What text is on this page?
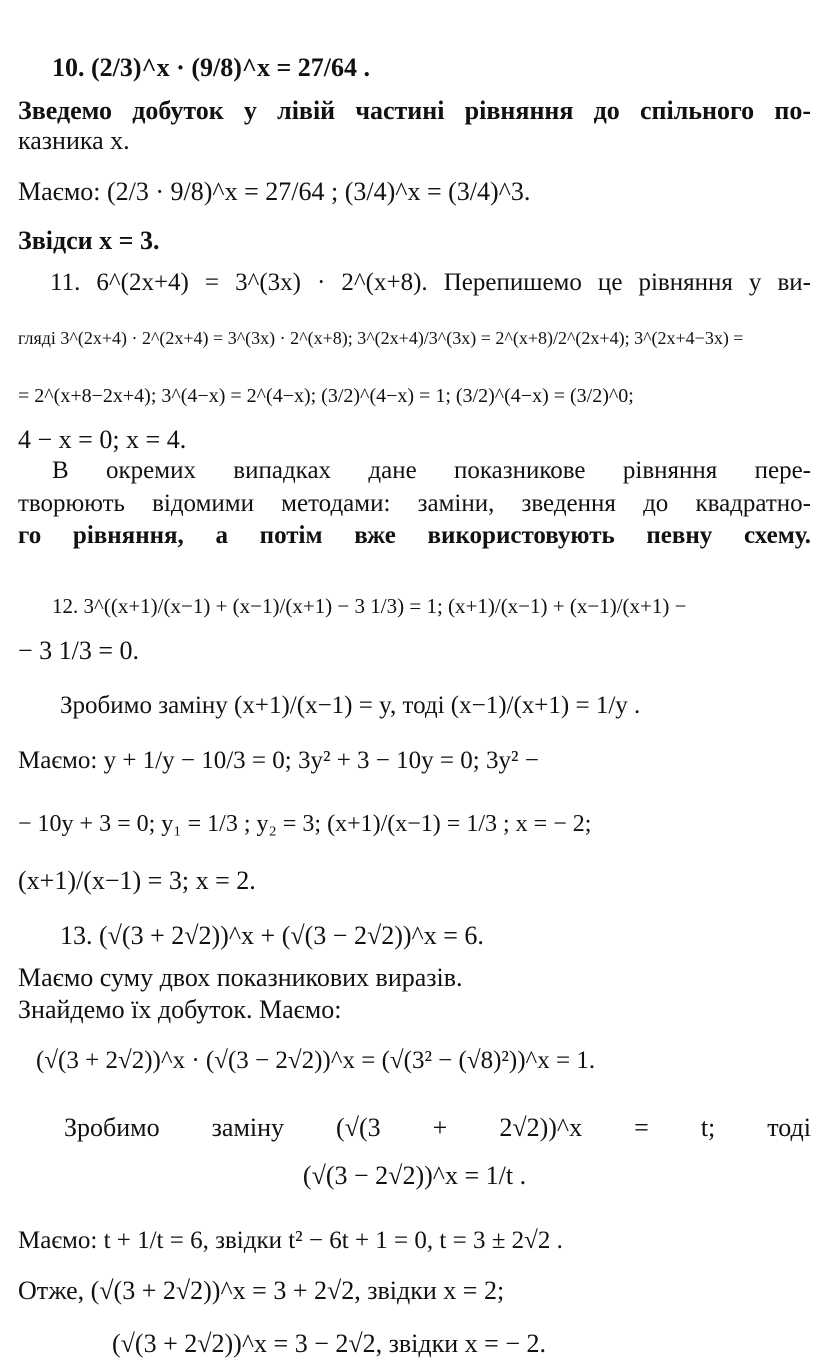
10. (2/3)^x · (9/8)^x = 27/64 .
Зведемо добуток у лівій частині рівняння до спільного по-
казника x.
Маємо: (2/3 · 9/8)^x = 27/64 ; (3/4)^x = (3/4)^3.
Звідси x = 3.
11. 6^(2x+4) = 3^(3x) · 2^(x+8). Перепишемо це рівняння у ви-
гляді 3^(2x+4) · 2^(2x+4) = 3^(3x) · 2^(x+8); 3^(2x+4)/3^(3x) = 2^(x+8)/2^(2x+4); 3^(2x+4−3x) =
= 2^(x+8−2x+4); 3^(4−x) = 2^(4−x); (3/2)^(4−x) = 1; (3/2)^(4−x) = (3/2)^0;
4 − x = 0; x = 4.
В окремих випадках дане показникове рівняння пере-
творюють відомими методами: заміни, зведення до квадратно-
го рівняння, а потім вже використовують певну схему.
12. 3^((x+1)/(x−1) + (x−1)/(x+1) − 3 1/3) = 1; (x+1)/(x−1) + (x−1)/(x+1) −
− 3 1/3 = 0.
Зробимо заміну (x+1)/(x−1) = y, тоді (x−1)/(x+1) = 1/y .
Маємо: y + 1/y − 10/3 = 0; 3y² + 3 − 10y = 0; 3y² −
− 10y + 3 = 0; y₁ = 1/3 ; y₂ = 3; (x+1)/(x−1) = 1/3 ; x = − 2;
(x+1)/(x−1) = 3; x = 2.
13. (√(3 + 2√2))^x + (√(3 − 2√2))^x = 6.
Маємо суму двох показникових виразів.
Знайдемо їх добуток. Маємо:
(√(3 + 2√2))^x · (√(3 − 2√2))^x = (√(3² − (√8)²))^x = 1.
Зробимо заміну (√(3 + 2√2))^x = t; тоді
(√(3 − 2√2))^x = 1/t .
Маємо: t + 1/t = 6, звідки t² − 6t + 1 = 0, t = 3 ± 2√2 .
Отже, (√(3 + 2√2))^x = 3 + 2√2, звідки x = 2;
(√(3 + 2√2))^x = 3 − 2√2, звідки x = − 2.
